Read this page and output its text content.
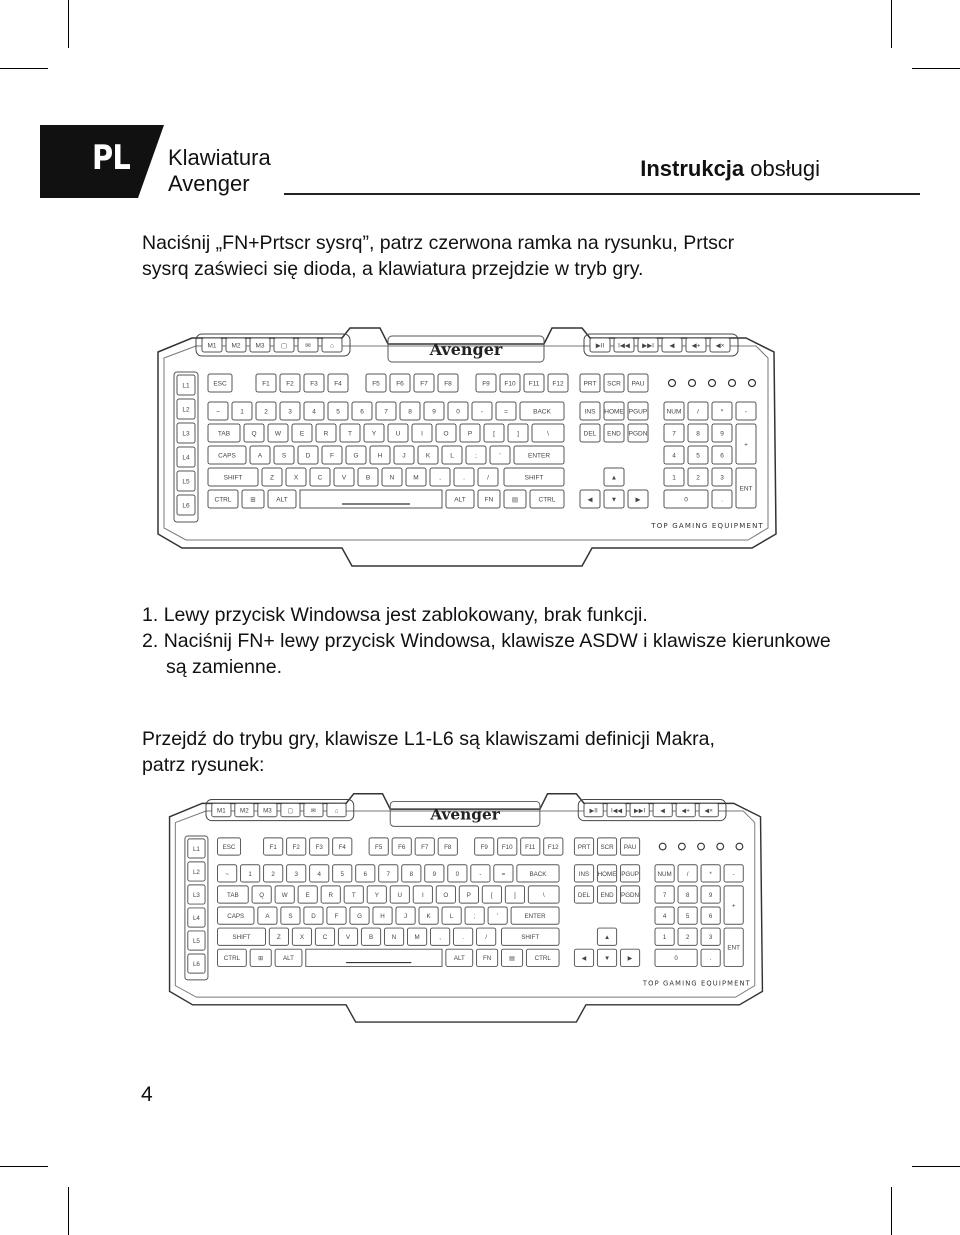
PL Klawiatura
Avenger
Instrukcja obsługi

Naciśnij „FN+Prtscr sysrq”, patrz czerwona ramka na rysunku, Prtscr
sysrq zaświeci się dioda, a klawiatura przejdzie w tryb gry.

M1 M2 M3	▢	✉	⌂	▶II I◀◀ ▶▶I ◀	◀+ ◀×
Avenger
L1
L2
L3
L4
L5
L6
ESC	F1	F2	F3	F4	F5	F6	F7	F8	F9 F10 F11 F12	PRT SCR PAU
~	1	2	3	4	5	6	7	8	9	0	-	=	BACK
TAB	Q	W	E	R	T	Y	U	I	O	P	[	]	\
CAPS	A	S	D	F	G	H	J	K	L	;	'	ENTER
SHIFT	Z	X	C	V	B	N	M	,	.	/	SHIFT
CTRL	⊞	ALT	ALT	FN	▤	CTRL
INS HOME PGUP
DEL END PGDN
▲
◀	▼	▶
NUM /	*	-
7	8	9
+
4	5	6
1	2	3
ENT
0	.
TOP GAMING EQUIPMENT
M1 M2 M3 ▢	✉	⌂	▶II I◀◀ ▶▶I ◀	◀+ ◀×
Avenger
L1
L2
L3
L4
L5
L6
ESC	F1 F2 F3 F4	F5 F6 F7 F8	F9 F10 F11 F12	PRT SCR PAU
~	1	2	3	4	5	6	7	8	9	0	-	=	BACK
TAB	Q	W	E	R	T	Y	U	I	O	P	[	]	\
CAPS	A	S	D	F	G	H	J	K	L	;	'	ENTER
SHIFT	Z	X	C	V	B	N	M	,	.	/	SHIFT
CTRL	⊞	ALT	ALT	FN	▤	CTRL
INS HOME PGUP
DEL END PGDN
▲
◀	▼	▶
NUM /	*	-
7	8	9
+
4	5	6
1	2	3
ENT
0	.
TOP GAMING EQUIPMENT

1. Lewy przycisk Windowsa jest zablokowany, brak funkcji.

2. Naciśnij FN+ lewy przycisk Windowsa, klawisze ASDW i klawisze kierunkowe są zamienne.

Przejdź do trybu gry, klawisze L1-L6 są klawiszami definicji Makra,
patrz rysunek:

4
